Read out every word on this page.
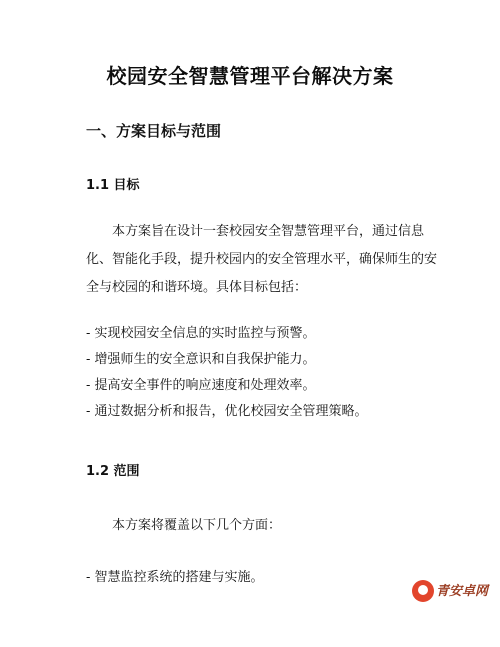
校园安全智慧管理平台解决方案
一、方案目标与范围
1.1 目标

本方案旨在设计一套校园安全智慧管理平台，通过信息化、智能化手段，提升校园内的安全管理水平，确保师生的安全与校园的和谐环境。具体目标包括：

- 实现校园安全信息的实时监控与预警。
- 增强师生的安全意识和自我保护能力。
- 提高安全事件的响应速度和处理效率。
- 通过数据分析和报告，优化校园安全管理策略。
1.2 范围
本方案将覆盖以下几个方面：
- 智慧监控系统的搭建与实施。
青安卓网
